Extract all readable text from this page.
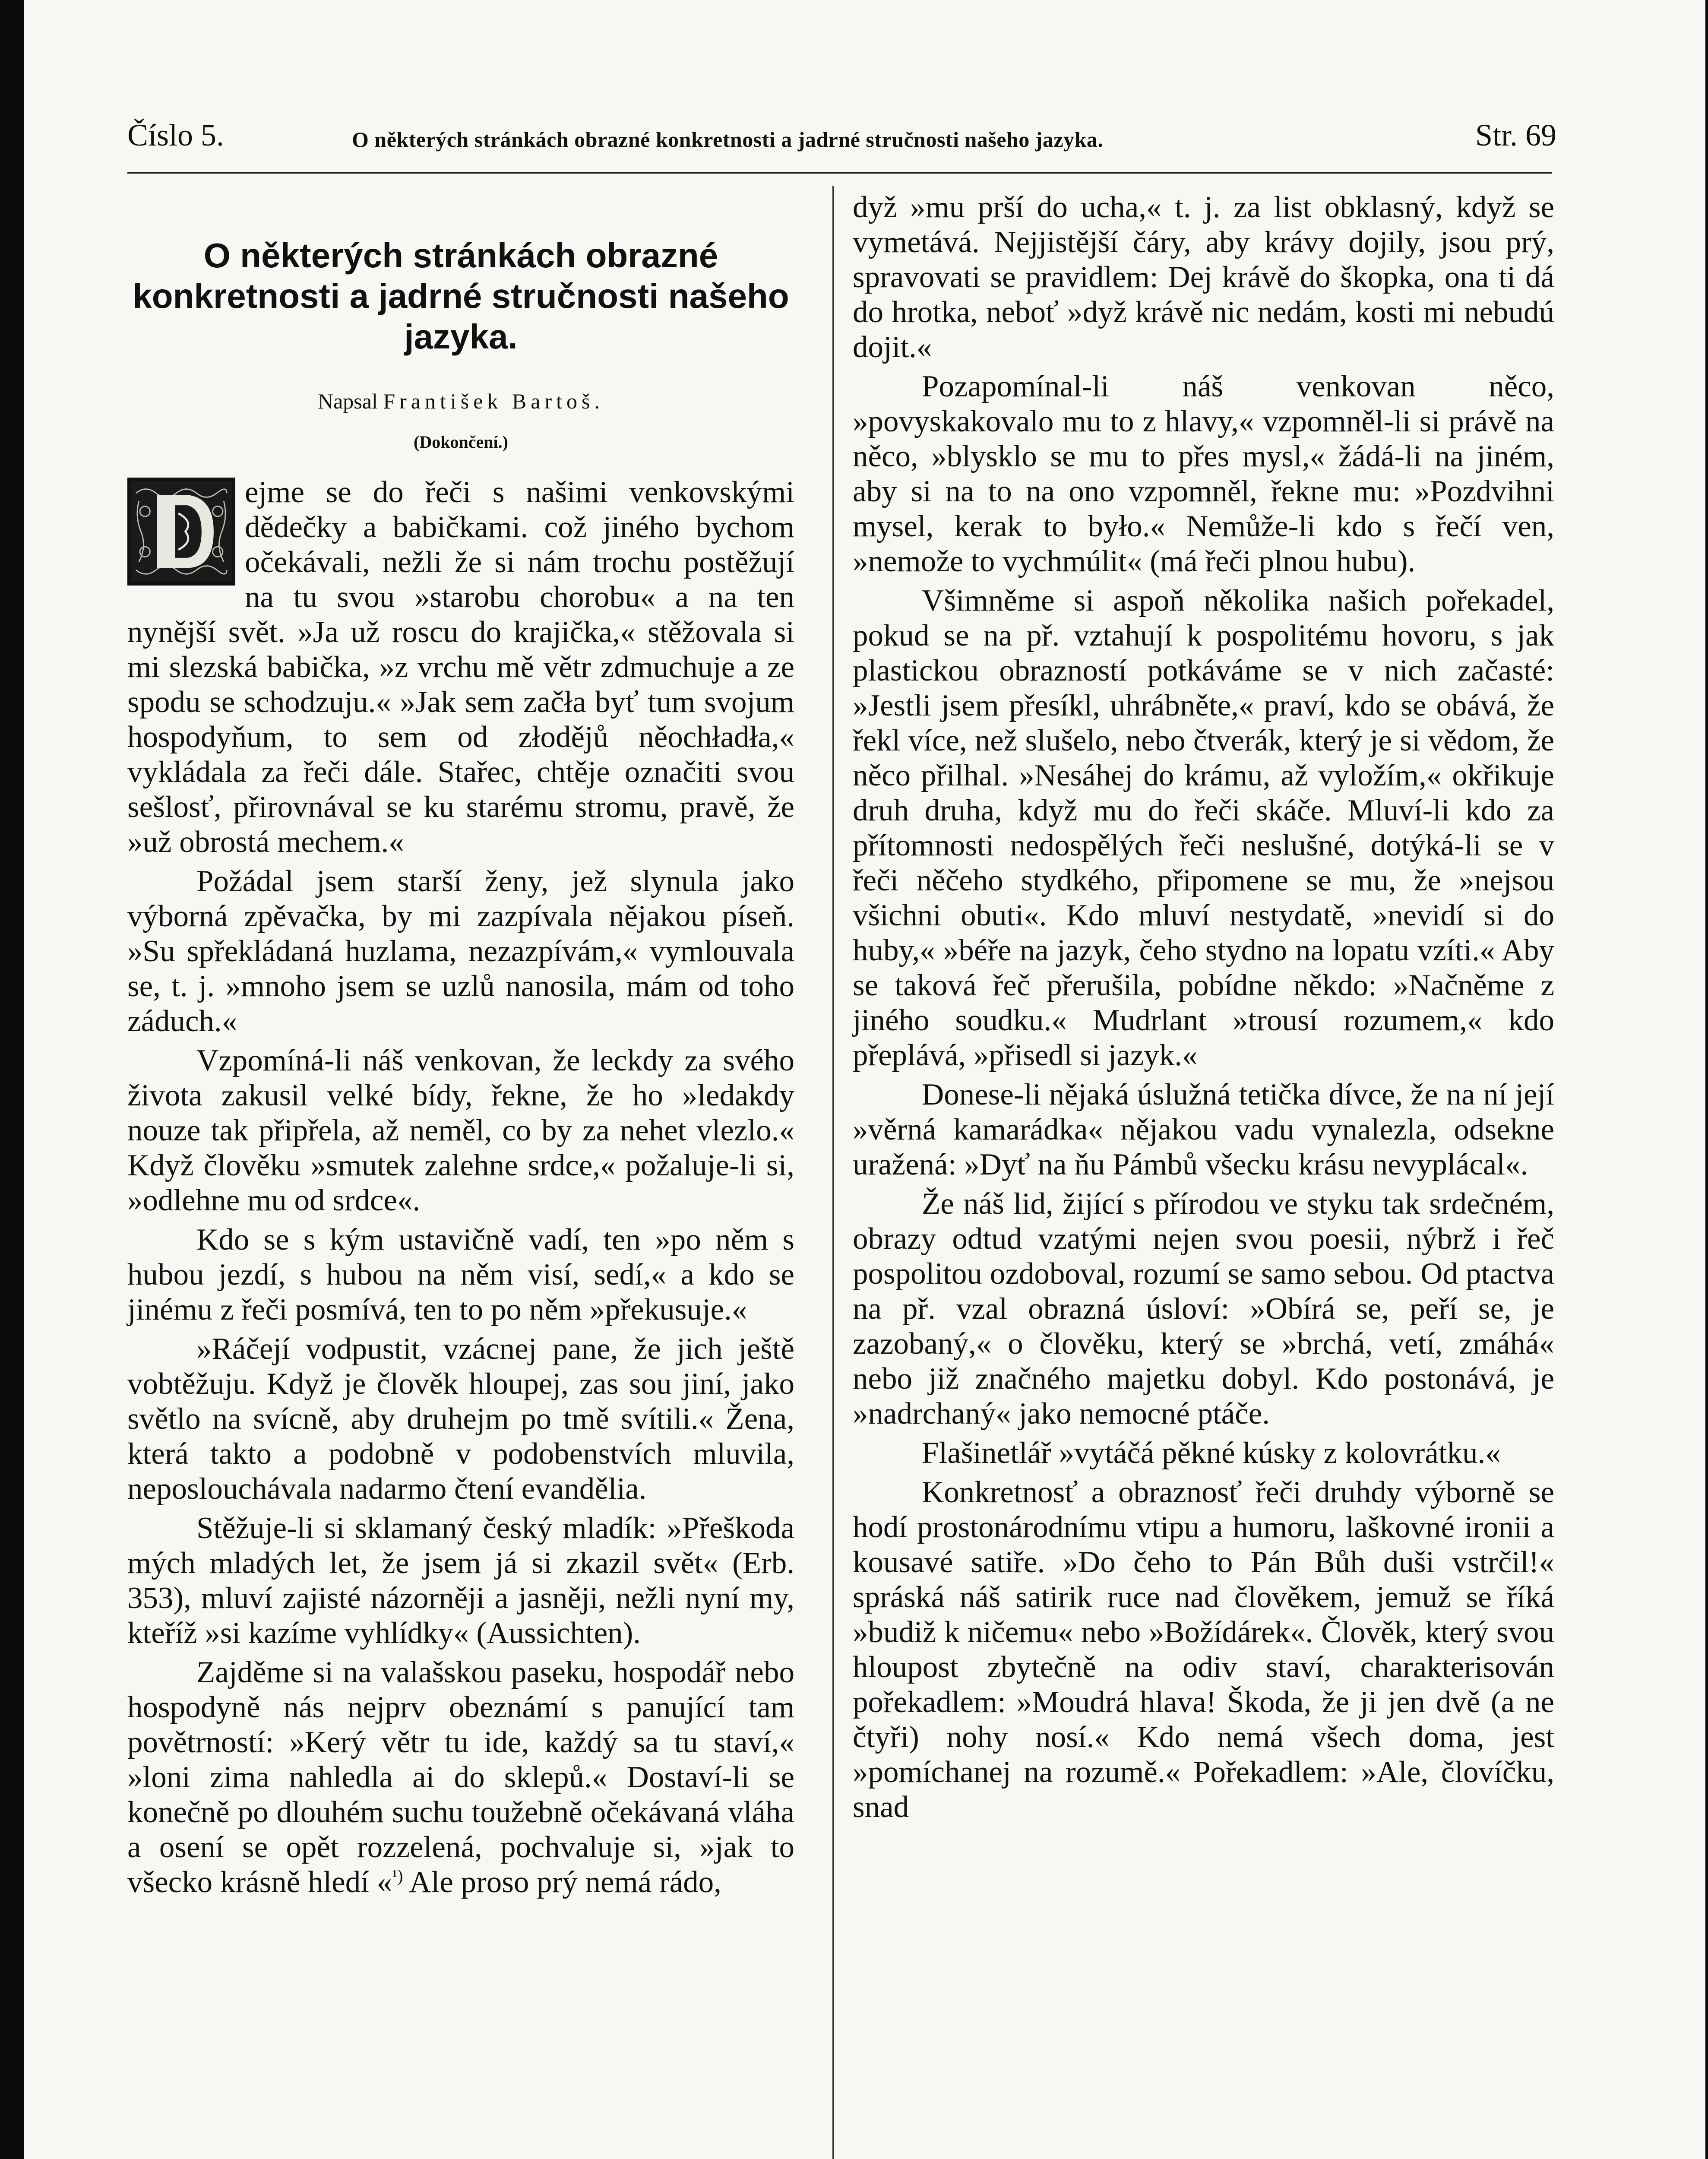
Číslo 5.	O některých stránkách obrazné konkretnosti a jadrné stručnosti našeho jazyka.	Str. 69
O některých stránkách obrazné konkretnosti a jadrné stručnosti našeho jazyka.
Napsal František Bartoš.
(Dokončení.)

ejme se do řeči s našimi venkovskými dědečky a babičkami. což jiného bychom očekávali, nežli že si nám trochu postěžují na tu svou »starobu chorobu« a na ten nynější svět. »Ja už roscu do krajička,« stěžovala si mi slezská babička, »z vrchu mě větr zdmuchuje a ze spodu se schodzuju.« »Jak sem začła byť tum svojum hospodyňum, to sem od złodějů něochładła,« vykládala za řeči dále. Stařec, chtěje označiti svou sešlosť, přirovnával se ku starému stromu, pravě, že »už obrostá mechem.«

Požádal jsem starší ženy, jež slynula jako výborná zpěvačka, by mi zazpívala nějakou píseň. »Su spřekládaná huzlama, nezazpívám,« vymlouvala se, t. j. »mnoho jsem se uzlů nanosila, mám od toho záduch.«

Vzpomíná-li náš venkovan, že leckdy za svého života zakusil velké bídy, řekne, že ho »ledakdy nouze tak připřela, až neměl, co by za nehet vlezlo.« Když člověku »smutek zalehne srdce,« požaluje-li si, »odlehne mu od srdce«.

Kdo se s kým ustavičně vadí, ten »po něm s hubou jezdí, s hubou na něm visí, sedí,« a kdo se jinému z řeči posmívá, ten to po něm »překusuje.«

»Ráčejí vodpustit, vzácnej pane, že jich ještě vobtěžuju. Když je člověk hloupej, zas sou jiní, jako světlo na svícně, aby druhejm po tmě svítili.« Žena, která takto a podobně v podobenstvích mluvila, neposlouchávala nadarmo čtení evandělia.

Stěžuje-li si sklamaný český mladík: »Přeškoda mých mladých let, že jsem já si zkazil svět« (Erb. 353), mluví zajisté názorněji a jasněji, nežli nyní my, kteříž »si kazíme vyhlídky« (Aussichten).

Zajděme si na valašskou paseku, hospodář nebo hospodyně nás nejprv obeznámí s panující tam povětrností: »Kerý větr tu ide, každý sa tu staví,« »loni zima nahledla ai do sklepů.« Dostaví-li se konečně po dlouhém suchu toužebně očekávaná vláha a osení se opět rozzelená, pochvaluje si, »jak to všecko krásně hledí «$^{^1)}$ Ale proso prý nemá rádo,

dyž »mu prší do ucha,« t. j. za list obklasný, když se vymetává. Nejjistější čáry, aby krávy dojily, jsou prý, spravovati se pravidlem: Dej krávě do škopka, ona ti dá do hrotka, neboť »dyž krávě nic nedám, kosti mi nebudú dojit.«

Pozapomínal-li náš venkovan něco, »povyskakovalo mu to z hlavy,« vzpomněl-li si právě na něco, »blysklo se mu to přes mysl,« žádá-li na jiném, aby si na to na ono vzpomněl, řekne mu: »Pozdvihni mysel, kerak to było.« Nemůže-li kdo s řečí ven, »nemože to vychmúlit« (má řeči plnou hubu).

Všimněme si aspoň několika našich pořekadel, pokud se na př. vztahují k pospolitému hovoru, s jak plastickou obrazností potkáváme se v nich začasté: »Jestli jsem přesíkl, uhrábněte,« praví, kdo se obává, že řekl více, než slušelo, nebo čtverák, který je si vědom, že něco přilhal. »Nesáhej do krámu, až vyložím,« okřikuje druh druha, když mu do řeči skáče. Mluví-li kdo za přítomnosti nedospělých řeči neslušné, dotýká-li se v řeči něčeho stydkého, připomene se mu, že »nejsou všichni obuti«. Kdo mluví nestydatě, »nevidí si do huby,« »béře na jazyk, čeho stydno na lopatu vzíti.« Aby se taková řeč přerušila, pobídne někdo: »Načněme z jiného soudku.« Mudrlant »trousí rozumem,« kdo přeplává, »přisedl si jazyk.«

Donese-li nějaká úslužná tetička dívce, že na ní její »věrná kamarádka« nějakou vadu vynalezla, odsekne uražená: »Dyť na ňu Pámbů všecku krásu nevyplácal«.

Že náš lid, žijící s přírodou ve styku tak srdečném, obrazy odtud vzatými nejen svou poesii, nýbrž i řeč pospolitou ozdoboval, rozumí se samo sebou. Od ptactva na př. vzal obrazná úsloví: »Obírá se, peří se, je zazobaný,« o člověku, který se »brchá, vetí, zmáhá« nebo již značného majetku dobyl. Kdo postonává, je »nadrchaný« jako nemocné ptáče.

Flašinetlář »vytáčá pěkné kúsky z kolovrátku.«

Konkretnosť a obraznosť řeči druhdy výborně se hodí prostonárodnímu vtipu a humoru, laškovné ironii a kousavé satiře. »Do čeho to Pán Bůh duši vstrčil!« spráská náš satirik ruce nad člověkem, jemuž se říká »budiž k ničemu« nebo »Božídárek«. Člověk, který svou hloupost zbytečně na odiv staví, charakterisován pořekadlem: »Moudrá hlava! Škoda, že ji jen dvě (a ne čtyři) nohy nosí.« Kdo nemá všech doma, jest »pomíchanej na rozumě.« Pořekadlem: »Ale, človíčku, snad
